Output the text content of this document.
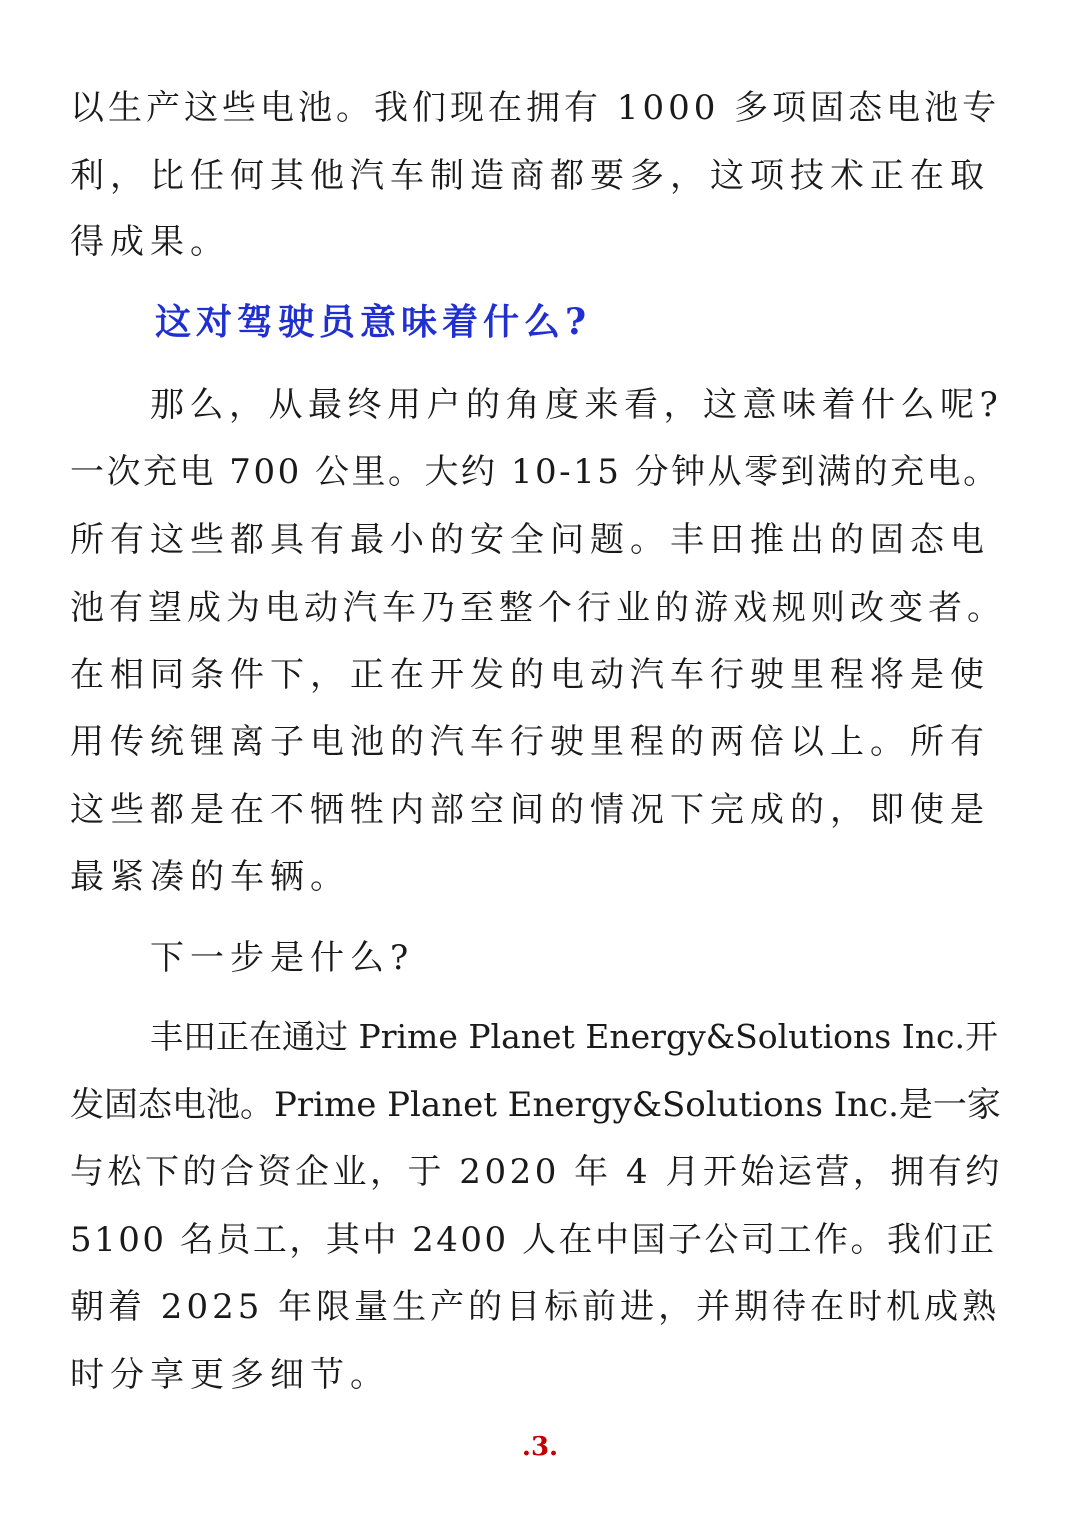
以生产这些电池。我们现在拥有 1000 多项固态电池专
利，比任何其他汽车制造商都要多，这项技术正在取
得成果。
这对驾驶员意味着什么?
那么，从最终用户的角度来看，这意味着什么呢?
一次充电 700 公里。大约 10-15 分钟从零到满的充电。
所有这些都具有最小的安全问题。丰田推出的固态电
池有望成为电动汽车乃至整个行业的游戏规则改变者。
在相同条件下，正在开发的电动汽车行驶里程将是使
用传统锂离子电池的汽车行驶里程的两倍以上。所有
这些都是在不牺牲内部空间的情况下完成的，即使是
最紧凑的车辆。
下一步是什么?
丰田正在通过 Prime Planet Energy&Solutions Inc.开
发固态电池。Prime Planet Energy&Solutions Inc.是一家
与松下的合资企业，于 2020 年 4 月开始运营，拥有约
5100 名员工，其中 2400 人在中国子公司工作。我们正
朝着 2025 年限量生产的目标前进，并期待在时机成熟
时分享更多细节。
.3.
